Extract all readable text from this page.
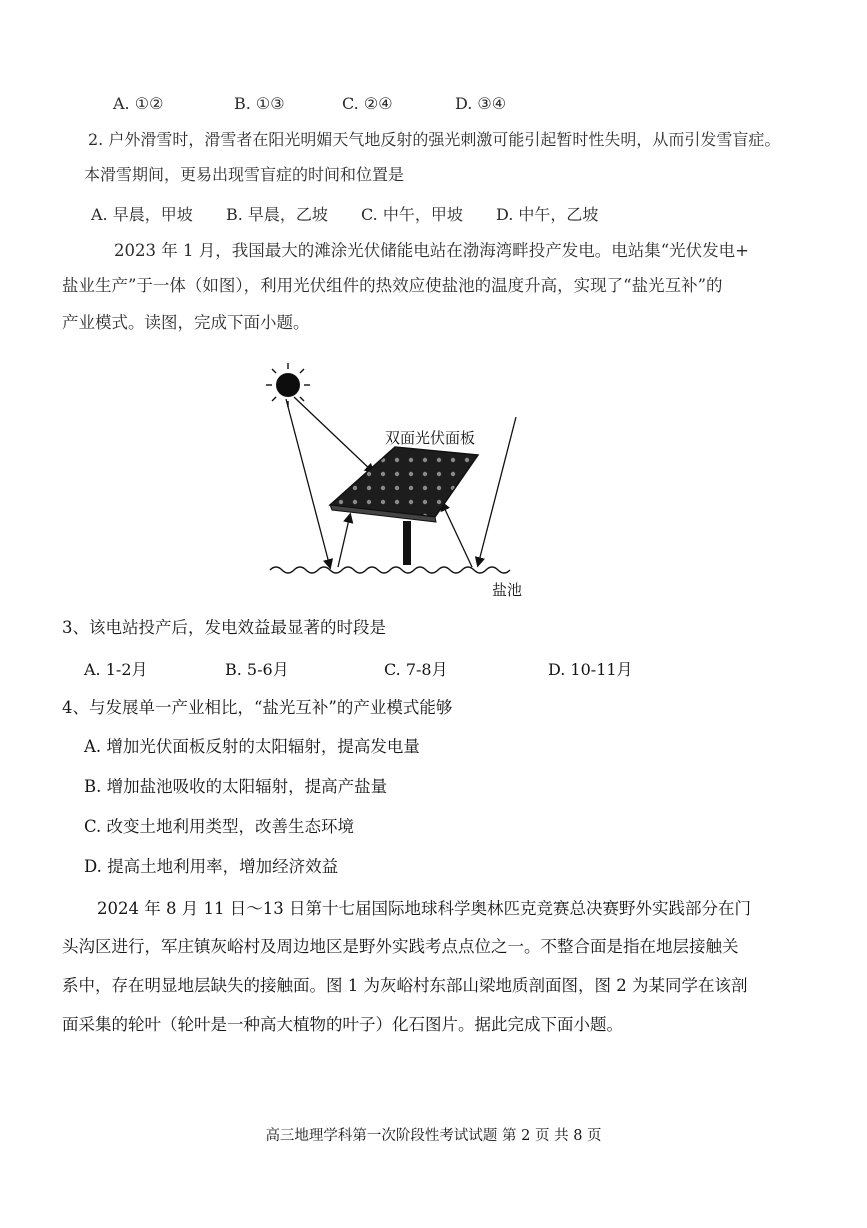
A. ①②	B. ①③	C. ②④	D. ③④
2. 户外滑雪时，滑雪者在阳光明媚天气地反射的强光刺激可能引起暂时性失明，从而引发雪盲症。
本滑雪期间，更易出现雪盲症的时间和位置是
A. 早晨，甲坡 B. 早晨，乙坡 C. 中午，甲坡 D. 中午，乙坡
2023 年 1 月，我国最大的滩涂光伏储能电站在渤海湾畔投产发电。电站集“光伏发电+
盐业生产”于一体（如图），利用光伏组件的热效应使盐池的温度升高，实现了“盐光互补”的
产业模式。读图，完成下面小题。
双面光伏面板
盐池
3、该电站投产后，发电效益最显著的时段是
A. 1-2月	B. 5-6月	C. 7-8月	D. 10-11月
4、与发展单一产业相比，“盐光互补”的产业模式能够
A. 增加光伏面板反射的太阳辐射，提高发电量
B. 增加盐池吸收的太阳辐射，提高产盐量
C. 改变土地利用类型，改善生态环境
D. 提高土地利用率，增加经济效益
2024 年 8 月 11 日～13 日第十七届国际地球科学奥林匹克竞赛总决赛野外实践部分在门
头沟区进行，军庄镇灰峪村及周边地区是野外实践考点点位之一。不整合面是指在地层接触关
系中，存在明显地层缺失的接触面。图 1 为灰峪村东部山梁地质剖面图，图 2 为某同学在该剖
面采集的轮叶（轮叶是一种高大植物的叶子）化石图片。据此完成下面小题。
高三地理学科第一次阶段性考试试题 第 2 页 共 8 页
